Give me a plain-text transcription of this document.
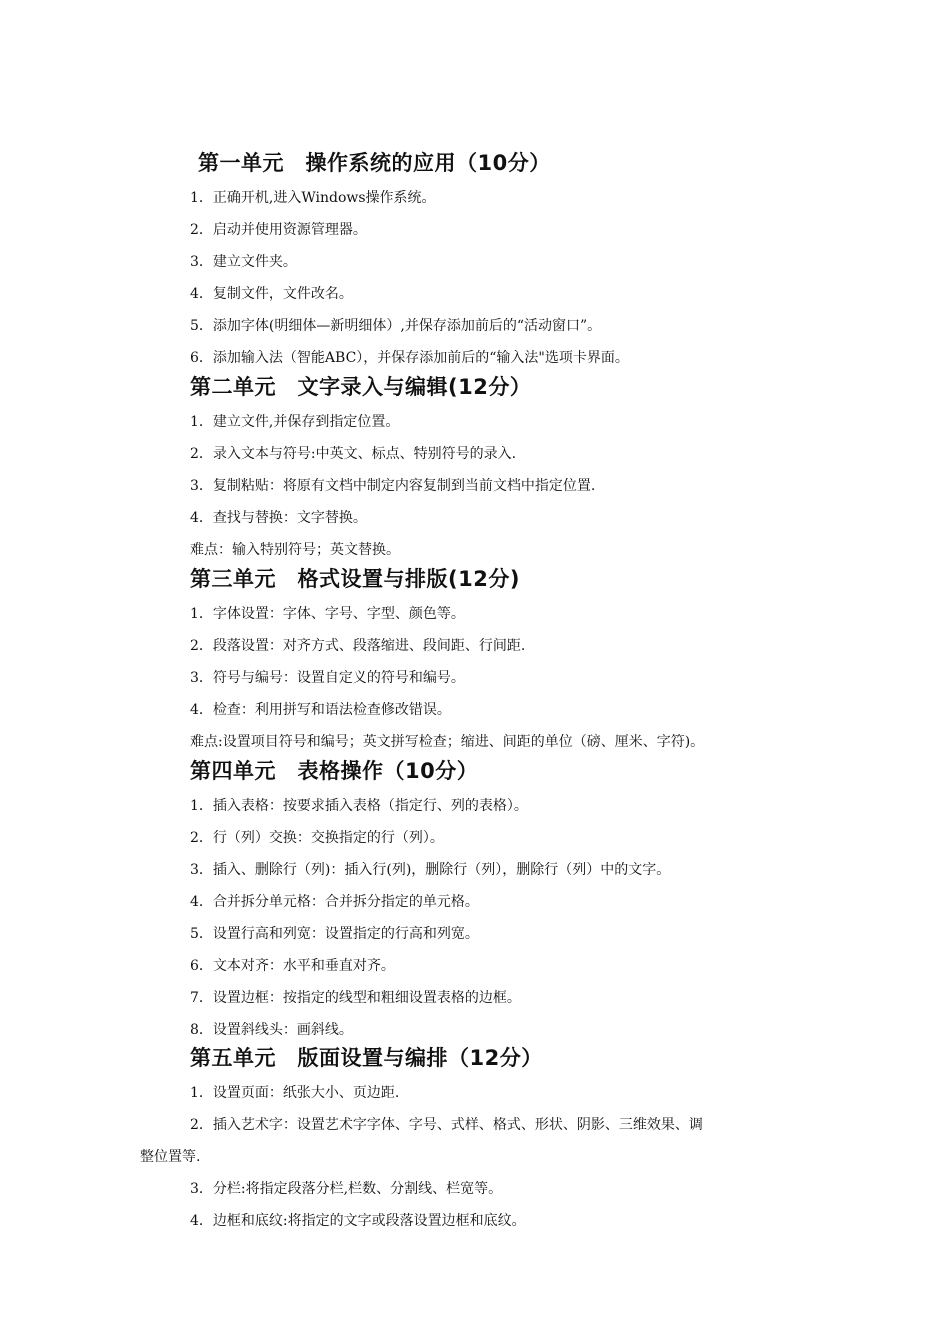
第一单元　操作系统的应用（10分）
1．正确开机,进入Windows操作系统。
2．启动并使用资源管理器。
3．建立文件夹。
4．复制文件，文件改名。
5．添加字体(明细体—新明细体）,并保存添加前后的“活动窗口”。
6．添加输入法（智能ABC），并保存添加前后的“输入法"选项卡界面。
第二单元　文字录入与编辑(12分）
1．建立文件,并保存到指定位置。
2．录入文本与符号:中英文、标点、特别符号的录入.
3．复制粘贴：将原有文档中制定内容复制到当前文档中指定位置.
4．查找与替换：文字替换。
难点：输入特别符号；英文替换。
第三单元　格式设置与排版(12分)
1．字体设置：字体、字号、字型、颜色等。
2．段落设置：对齐方式、段落缩进、段间距、行间距.
3．符号与编号：设置自定义的符号和编号。
4．检查：利用拼写和语法检查修改错误。
难点:设置项目符号和编号；英文拼写检查；缩进、间距的单位（磅、厘米、字符)。
第四单元　表格操作（10分）
1．插入表格：按要求插入表格（指定行、列的表格）。
2．行（列）交换：交换指定的行（列）。
3．插入、删除行（列)：插入行(列)，删除行（列），删除行（列）中的文字。
4．合并拆分单元格：合并拆分指定的单元格。
5．设置行高和列宽：设置指定的行高和列宽。
6．文本对齐：水平和垂直对齐。
7．设置边框：按指定的线型和粗细设置表格的边框。
8．设置斜线头：画斜线。
第五单元　版面设置与编排（12分）
1．设置页面：纸张大小、页边距.
2．插入艺术字：设置艺术字字体、字号、式样、格式、形状、阴影、三维效果、调
整位置等.
3．分栏:将指定段落分栏,栏数、分割线、栏宽等。
4．边框和底纹:将指定的文字或段落设置边框和底纹。
